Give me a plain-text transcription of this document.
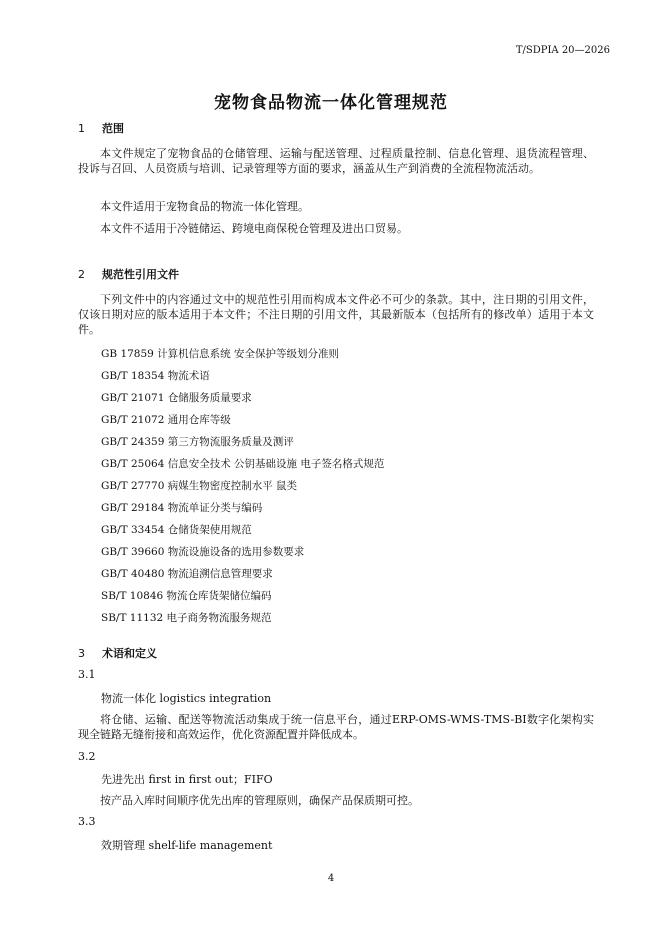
T/SDPIA 20—2026
宠物食品物流一体化管理规范
1 范围
本文件规定了宠物食品的仓储管理、运输与配送管理、过程质量控制、信息化管理、退货流程管理、投诉与召回、人员资质与培训、记录管理等方面的要求，涵盖从生产到消费的全流程物流活动。
本文件适用于宠物食品的物流一体化管理。
本文件不适用于冷链储运、跨境电商保税仓管理及进出口贸易。
2 规范性引用文件
下列文件中的内容通过文中的规范性引用而构成本文件必不可少的条款。其中，注日期的引用文件，仅该日期对应的版本适用于本文件；不注日期的引用文件，其最新版本（包括所有的修改单）适用于本文件。
GB 17859 计算机信息系统 安全保护等级划分准则
GB/T 18354 物流术语
GB/T 21071 仓储服务质量要求
GB/T 21072 通用仓库等级
GB/T 24359 第三方物流服务质量及测评
GB/T 25064 信息安全技术 公钥基础设施 电子签名格式规范
GB/T 27770 病媒生物密度控制水平 鼠类
GB/T 29184 物流单证分类与编码
GB/T 33454 仓储货架使用规范
GB/T 39660 物流设施设备的选用参数要求
GB/T 40480 物流追溯信息管理要求
SB/T 10846 物流仓库货架储位编码
SB/T 11132 电子商务物流服务规范
3 术语和定义
3.1
物流一体化 logistics integration
将仓储、运输、配送等物流活动集成于统一信息平台，通过ERP-OMS-WMS-TMS-BI数字化架构实现全链路无缝衔接和高效运作，优化资源配置并降低成本。
3.2
先进先出 first in first out；FIFO
按产品入库时间顺序优先出库的管理原则，确保产品保质期可控。
3.3
效期管理 shelf-life management
4
